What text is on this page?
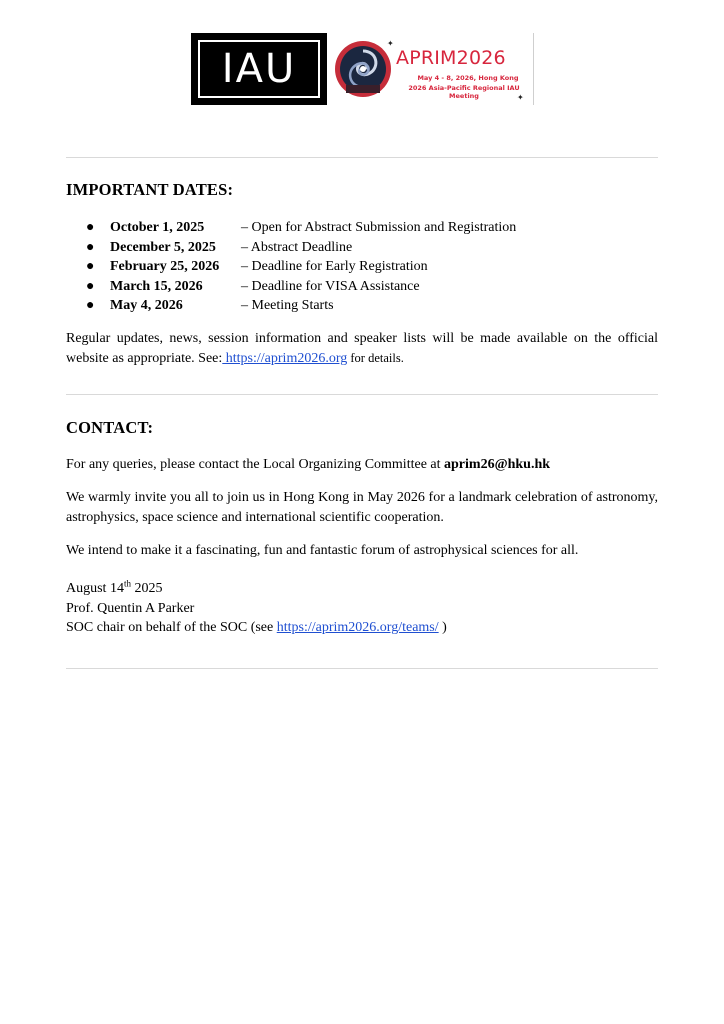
IAU
✦
✦
APRIM2026
May 4 - 8, 2026, Hong Kong
2026 Asia-Pacific Regional IAU Meeting
IMPORTANT DATES:
● October 1, 2025	– Open for Abstract Submission and Registration
● December 5, 2025 – Abstract Deadline
● February 25, 2026 – Deadline for Early Registration
● March 15, 2026	– Deadline for VISA Assistance
● May 4, 2026	– Meeting Starts

Regular updates, news, session information and speaker lists will be made available on the official website as appropriate. See: https://aprim2026.org for details.

CONTACT:

For any queries, please contact the Local Organizing Committee at aprim26@hku.hk

We warmly invite you all to join us in Hong Kong in May 2026 for a landmark celebration of astronomy, astrophysics, space science and international scientific cooperation.

We intend to make it a fascinating, fun and fantastic forum of astrophysical sciences for all.

August 14th 2025
Prof. Quentin A Parker
SOC chair on behalf of the SOC (see https://aprim2026.org/teams/ )
